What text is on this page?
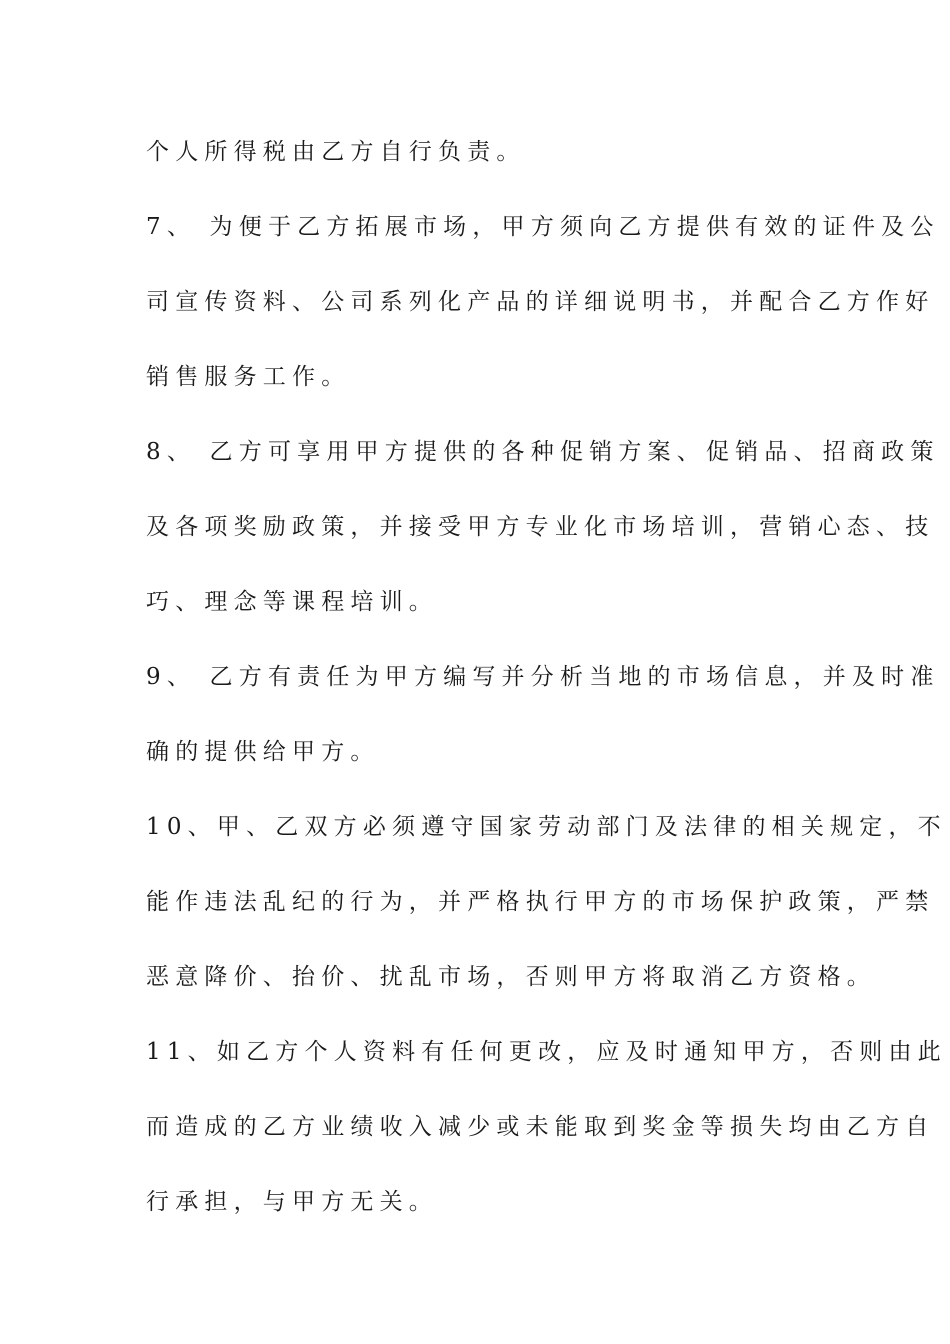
个人所得税由乙方自行负责。
7、 为便于乙方拓展市场，甲方须向乙方提供有效的证件及公
司宣传资料、公司系列化产品的详细说明书，并配合乙方作好
销售服务工作。
8、 乙方可享用甲方提供的各种促销方案、促销品、招商政策
及各项奖励政策，并接受甲方专业化市场培训，营销心态、技
巧、理念等课程培训。
9、 乙方有责任为甲方编写并分析当地的市场信息，并及时准
确的提供给甲方。
10、甲、乙双方必须遵守国家劳动部门及法律的相关规定，不
能作违法乱纪的行为，并严格执行甲方的市场保护政策，严禁
恶意降价、抬价、扰乱市场，否则甲方将取消乙方资格。
11、如乙方个人资料有任何更改，应及时通知甲方，否则由此
而造成的乙方业绩收入减少或未能取到奖金等损失均由乙方自
行承担，与甲方无关。
